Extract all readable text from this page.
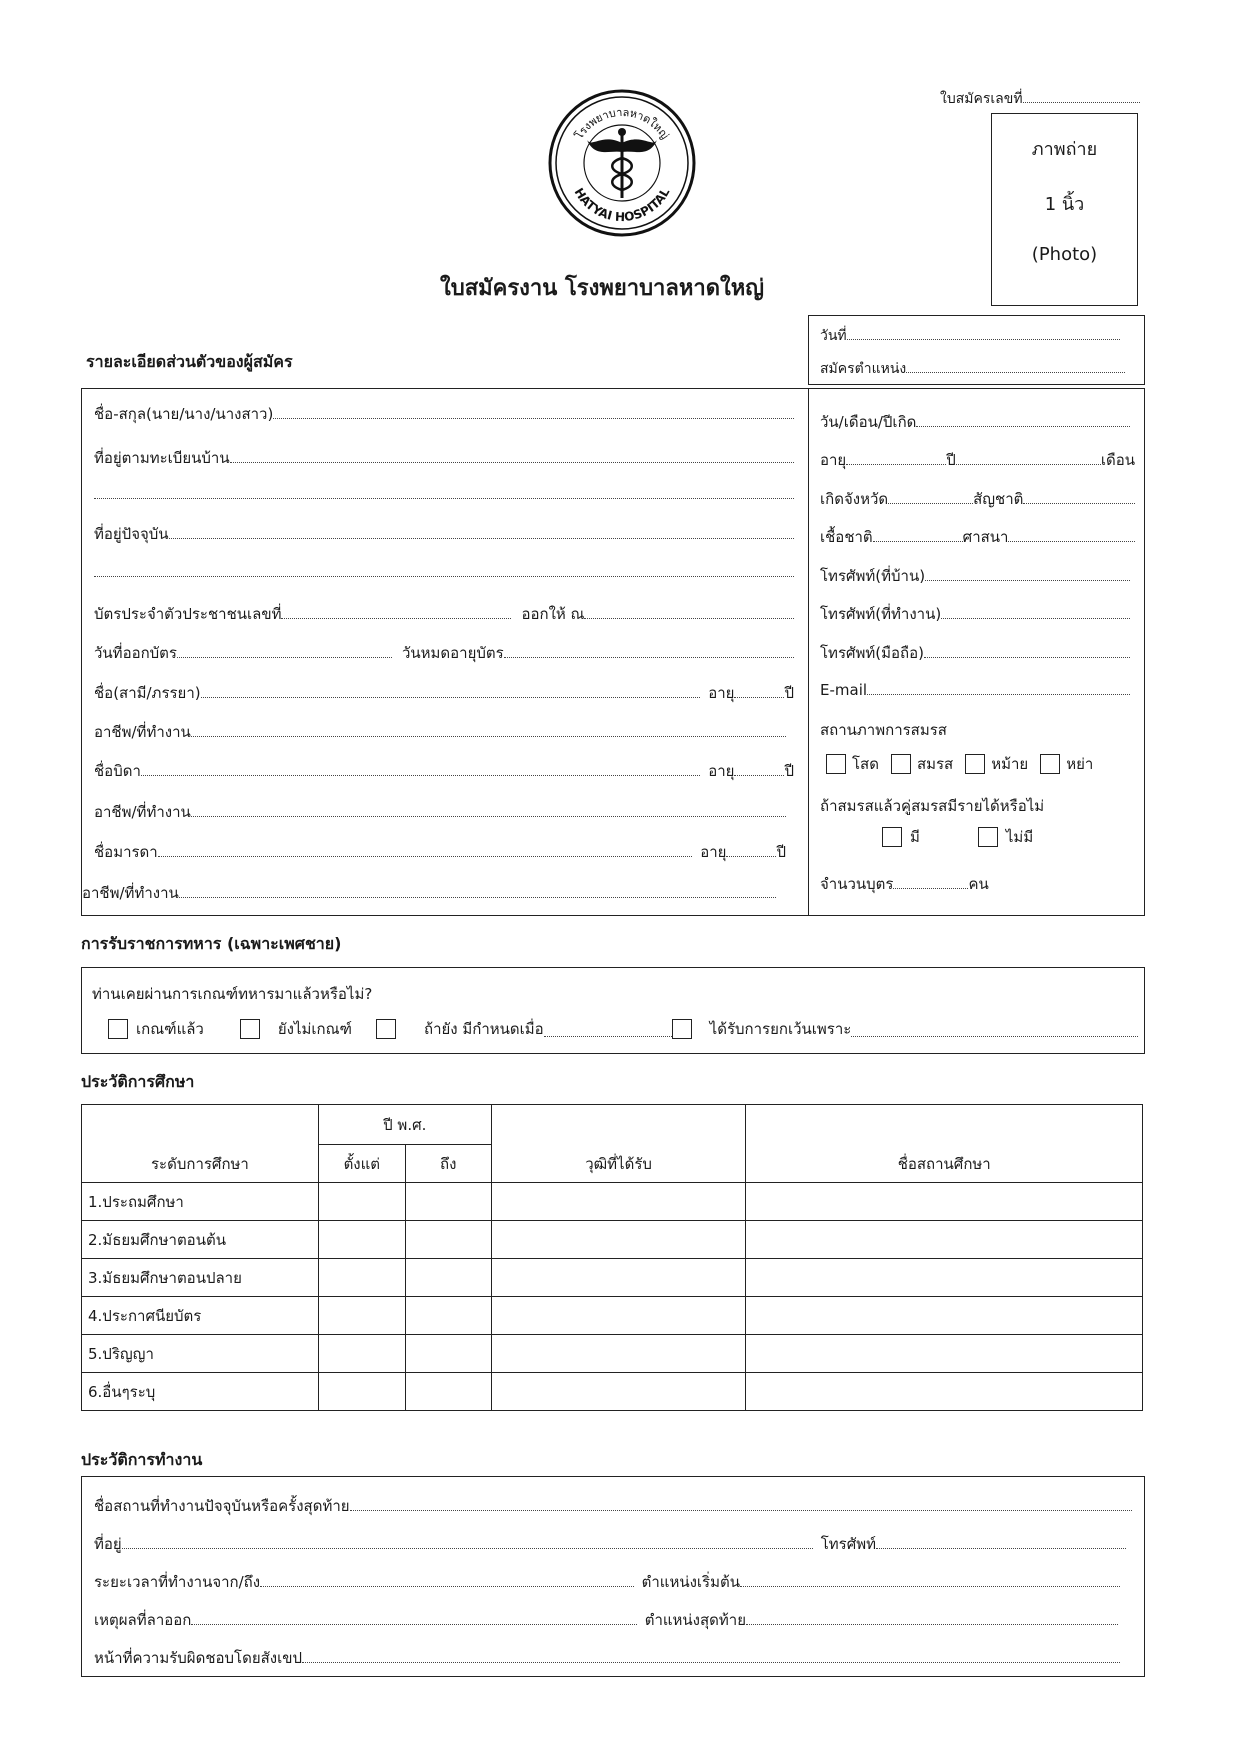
ใบสมัครเลขที่
ภาพถ่าย
1 นิ้ว
(Photo)
โรงพยาบาลหาดใหญ่
HATYAI HOSPITAL
ใบสมัครงาน โรงพยาบาลหาดใหญ่
วันที่
สมัครตำแหน่ง
รายละเอียดส่วนตัวของผู้สมัคร
ชื่อ-สกุล(นาย/นาง/นางสาว)
ที่อยู่ตามทะเบียนบ้าน
ที่อยู่ปัจจุบัน
บัตรประจำตัวประชาชนเลขที่	ออกให้ ณ
วันที่ออกบัตร	วันหมดอายุบัตร
ชื่อ(สามี/ภรรยา)	อายุ	ปี
อาชีพ/ที่ทำงาน
ชื่อบิดา	อายุ	ปี
อาชีพ/ที่ทำงาน
ชื่อมารดา	อายุ	ปี
อาชีพ/ที่ทำงาน
วัน/เดือน/ปีเกิด
อายุ	ปี	เดือน
เกิดจังหวัด	สัญชาติ
เชื้อชาติ	ศาสนา
โทรศัพท์(ที่บ้าน)
โทรศัพท์(ที่ทำงาน)
โทรศัพท์(มือถือ)
E-mail
สถานภาพการสมรส
โสด	สมรส	หม้าย	หย่า
ถ้าสมรสแล้วคู่สมรสมีรายได้หรือไม่
มี	ไม่มี
จำนวนบุตร	คน
การรับราชการทหาร (เฉพาะเพศชาย)
ท่านเคยผ่านการเกณฑ์ทหารมาแล้วหรือไม่?
เกณฑ์แล้ว	ยังไม่เกณฑ์	ถ้ายัง มีกำหนดเมื่อ	ได้รับการยกเว้นเพราะ
ประวัติการศึกษา
ระดับการศึกษา	ปี พ.ศ.		วุฒิที่ได้รับ	ชื่อสถานศึกษา
	ตั้งแต่	ถึง		
1.ประถมศึกษา				
2.มัธยมศึกษาตอนต้น				
3.มัธยมศึกษาตอนปลาย				
4.ประกาศนียบัตร				
5.ปริญญา				
6.อื่นๆระบุ				
ประวัติการทำงาน
ชื่อสถานที่ทำงานปัจจุบันหรือครั้งสุดท้าย
ที่อยู่	โทรศัพท์
ระยะเวลาที่ทำงานจาก/ถึง	ตำแหน่งเริ่มต้น
เหตุผลที่ลาออก	ตำแหน่งสุดท้าย
หน้าที่ความรับผิดชอบโดยสังเขป
